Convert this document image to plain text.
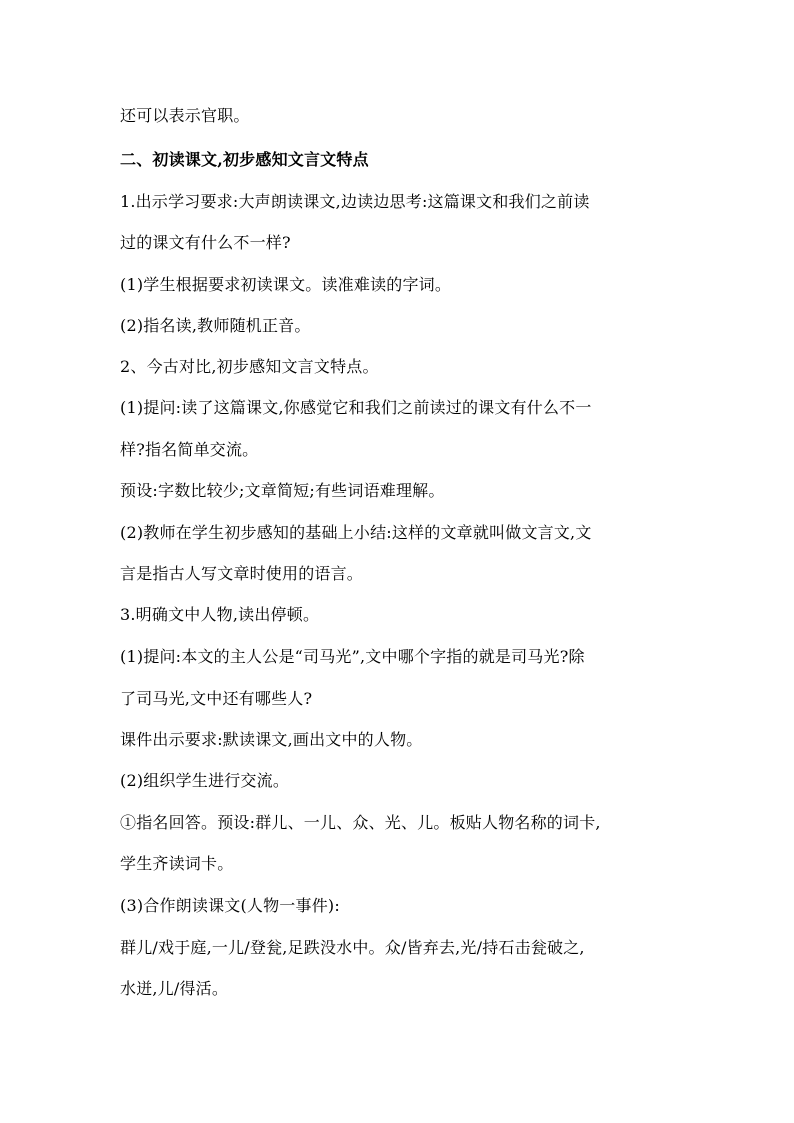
还可以表示官职。
二、初读课文,初步感知文言文特点
1.出示学习要求:大声朗读课文,边读边思考:这篇课文和我们之前读
过的课文有什么不一样?
(1)学生根据要求初读课文。读准难读的字词。
(2)指名读,教师随机正音。
2、今古对比,初步感知文言文特点。
(1)提问:读了这篇课文,你感觉它和我们之前读过的课文有什么不一
样?指名简单交流。
预设:字数比较少;文章简短;有些词语难理解。
(2)教师在学生初步感知的基础上小结:这样的文章就叫做文言文,文
言是指古人写文章时使用的语言。
3.明确文中人物,读出停顿。
(1)提问:本文的主人公是“司马光”,文中哪个字指的就是司马光?除
了司马光,文中还有哪些人?
课件出示要求:默读课文,画出文中的人物。
(2)组织学生进行交流。
①指名回答。预设:群儿、一儿、众、光、儿。板贴人物名称的词卡,
学生齐读词卡。
(3)合作朗读课文(人物一事件):
群儿/戏于庭,一儿/登瓮,足跌没水中。众/皆弃去,光/持石击瓮破之,
水迸,儿/得活。
